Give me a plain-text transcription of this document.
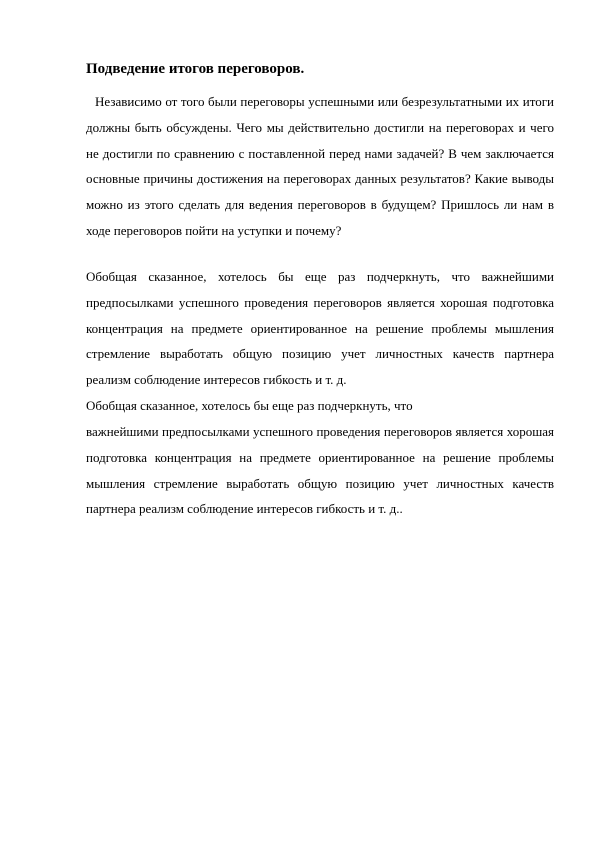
Подведение итогов переговоров.

Независимо от того были переговоры успешными или безрезультатными их итоги должны быть обсуждены. Чего мы действительно достигли на переговорах и чего не достигли по сравнению с поставленной перед нами задачей? В чем заключается основные причины достижения на переговорах данных результатов? Какие выводы можно из этого сделать для ведения переговоров в будущем? Пришлось ли нам в ходе переговоров пойти на уступки и почему?

Обобщая сказанное, хотелось бы еще раз подчеркнуть, что важнейшими предпосылками успешного проведения переговоров является хорошая подготовка концентрация на предмете ориентированное на решение проблемы мышления стремление выработать общую позицию учет личностных качеств партнера реализм соблюдение интересов гибкость и т. д.

Обобщая сказанное, хотелось бы еще раз подчеркнуть, что

важнейшими предпосылками успешного проведения переговоров является хорошая подготовка концентрация на предмете ориентированное на решение проблемы мышления стремление выработать общую позицию учет личностных качеств партнера реализм соблюдение интересов гибкость и т. д..
